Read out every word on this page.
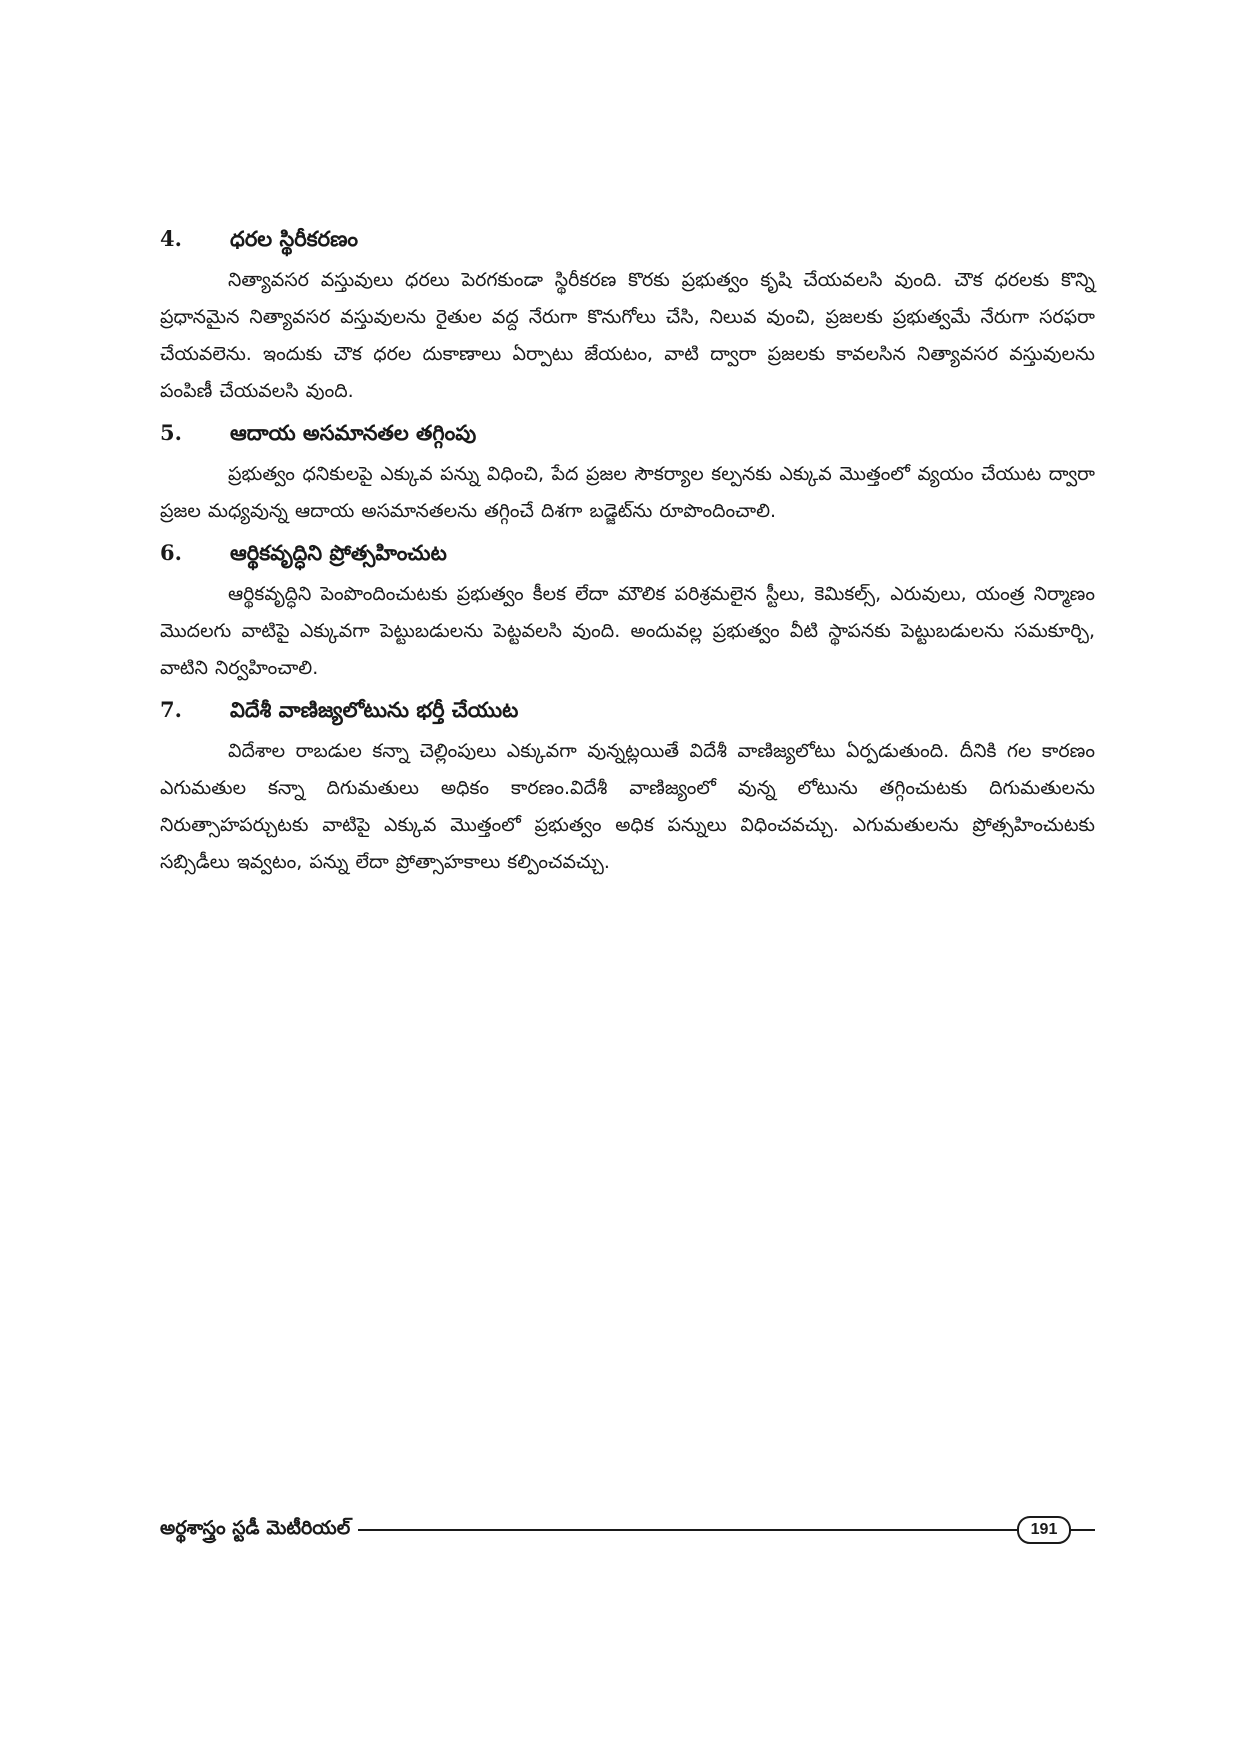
4.	ధరల స్థిరీకరణం

నిత్యావసర వస్తువులు ధరలు పెరగకుండా స్థిరీకరణ కొరకు ప్రభుత్వం కృషి చేయవలసి వుంది. చౌక ధరలకు కొన్ని ప్రధానమైన నిత్యావసర వస్తువులను రైతుల వద్ద నేరుగా కొనుగోలు చేసి, నిలువ వుంచి, ప్రజలకు ప్రభుత్వమే నేరుగా సరఫరా చేయవలెను. ఇందుకు చౌక ధరల దుకాణాలు ఏర్పాటు జేయటం, వాటి ద్వారా ప్రజలకు కావలసిన నిత్యావసర వస్తువులను పంపిణీ చేయవలసి వుంది.

5.	ఆదాయ అసమానతల తగ్గింపు

ప్రభుత్వం ధనికులపై ఎక్కువ పన్ను విధించి, పేద ప్రజల సౌకర్యాల కల్పనకు ఎక్కువ మొత్తంలో వ్యయం చేయుట ద్వారా ప్రజల మధ్యవున్న ఆదాయ అసమానతలను తగ్గించే దిశగా బడ్జెట్‌ను రూపొందించాలి.

6.	ఆర్థికవృద్ధిని ప్రోత్సహించుట

ఆర్థికవృద్ధిని పెంపొందించుటకు ప్రభుత్వం కీలక లేదా మౌలిక పరిశ్రమలైన స్టీలు, కెమికల్స్, ఎరువులు, యంత్ర నిర్మాణం మొదలగు వాటిపై ఎక్కువగా పెట్టుబడులను పెట్టవలసి వుంది. అందువల్ల ప్రభుత్వం వీటి స్థాపనకు పెట్టుబడులను సమకూర్చి, వాటిని నిర్వహించాలి.

7.	విదేశీ వాణిజ్యలోటును భర్తీ చేయుట

విదేశాల రాబడుల కన్నా చెల్లింపులు ఎక్కువగా వున్నట్లయితే విదేశీ వాణిజ్యలోటు ఏర్పడుతుంది. దీనికి గల కారణం ఎగుమతుల కన్నా దిగుమతులు అధికం కారణం.విదేశీ వాణిజ్యంలో వున్న లోటును తగ్గించుటకు దిగుమతులను నిరుత్సాహపర్చుటకు వాటిపై ఎక్కువ మొత్తంలో ప్రభుత్వం అధిక పన్నులు విధించవచ్చు. ఎగుమతులను ప్రోత్సహించుటకు సబ్సిడీలు ఇవ్వటం, పన్ను లేదా ప్రోత్సాహకాలు కల్పించవచ్చు.

అర్థశాస్త్రం స్టడీ మెటీరియల్	191
